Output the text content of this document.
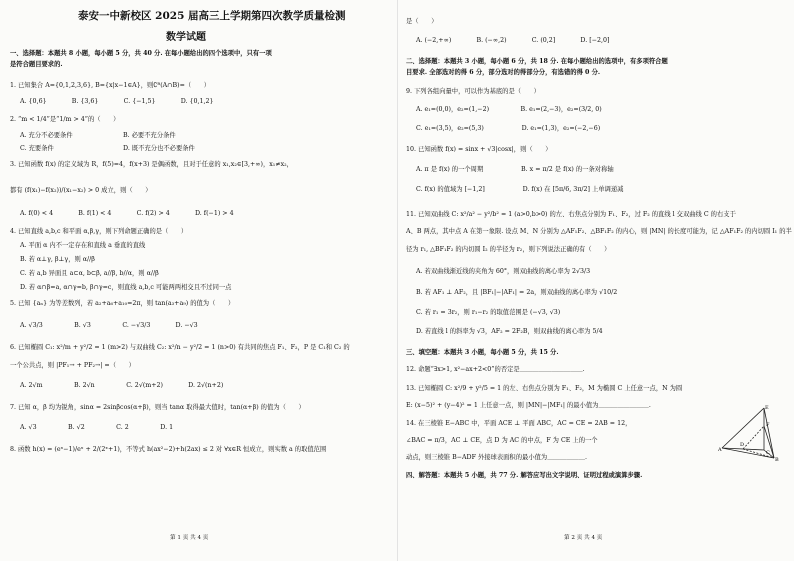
泰安一中新校区 2025 届高三上学期第四次教学质量检测
数学试题
一、选择题：本题共 8 小题，每小题 5 分，共 40 分. 在每小题给出的四个选项中，只有一项
是符合题目要求的.
1. 已知集合 A={0,1,2,3,6}, B={x|x−1∈A}，则∁ᴮ(A∩B)=（　　）
A. {0,6}　　　　B. {3,6}　　　　C. {−1,5}　　　　D. {0,1,2}
2. “m < 1/4”是“1/m > 4”的（　　）
A. 充分不必要条件　　　　　　　　B. 必要不充分条件
C. 充要条件　　　　　　　　　　　D. 既不充分也不必要条件
3. 已知函数 f(x) 的定义域为 R，f(5)=4，f(x+3) 是偶函数，且对于任意的 x₁,x₂∈[3,+∞)，x₁≠x₂，
都有 (f(x₁)−f(x₂))/(x₁−x₂) > 0 成立，则（　　）
A. f(0) < 4　　　　B. f(1) < 4　　　　C. f(2) > 4　　　　D. f(−1) > 4
4. 已知直线 a,b,c 和平面 α,β,γ，则下列命题正确的是（　　）
A. 平面 α 内不一定存在和直线 a 垂直的直线
B. 若 α⊥γ, β⊥γ，则 α//β
C. 若 a,b 异面且 a⊂α, b⊂β, a//β, b//α，则 α//β
D. 若 α∩β=a, α∩γ=b, β∩γ=c，则直线 a,b,c 可能两两相交且不过同一点
5. 已知 {aₙ} 为等差数列，若 a₂+a₆+a₁₀=2π，则 tan(a₃+a₉) 的值为（　　）
A. √3/3　　　　　B. √3　　　　　C. −√3/3　　　　D. −√3
6. 已知椭圆 C₁: x²/m + y²/2 = 1 (m>2) 与双曲线 C₂: x²/n − y²/2 = 1 (n>0) 有共同的焦点 F₁、F₂，P 是 C₁和 C₂ 的
一个公共点，则 |PF₁→ + PF₂→| =（　　）
A. 2√m　　　　　B. 2√n　　　　　C. 2√(m+2)　　　　D. 2√(n+2)
7. 已知 α，β 均为锐角，sinα = 2sinβcos(α+β)，则当 tanα 取得最大值时，tan(α+β) 的值为（　　）
A. √3　　　　　B. √2　　　　　C. 2　　　　　D. 1
8. 函数 h(x) = (eˣ−1)/eˣ + 2/(2ˣ+1)，不等式 h(ax²−2)+h(2ax) ≤ 2 对 ∀x∈R 恒成立，则实数 a 的取值范围
第 1 页 共 4 页
是（　　）
A. (−2,+∞)　　　　B. (−∞,2)　　　　C. (0,2]　　　　D. [−2,0]
二、选择题：本题共 3 小题，每小题 6 分，共 18 分. 在每小题给出的选项中，有多项符合题
目要求. 全部选对的得 6 分，部分选对的得部分分，有选错的得 0 分.
9. 下列各组向量中，可以作为基底的是（　　）
A. e₁=(0,0)，e₂=(1,−2)　　　　　B. e₁=(2,−3)，e₂=(3/2, 0)
C. e₁=(3,5)，e₂=(5,3)　　　　　　D. e₁=(1,3)，e₂=(−2,−6)
10. 已知函数 f(x) = sinx + √3|cosx|，则（　　）
A. π 是 f(x) 的一个周期　　　　　　B. x = π/2 是 f(x) 的一条对称轴
C. f(x) 的值域为 [−1,2]　　　　　　D. f(x) 在 [5π/6, 3π/2] 上单调递减
11. 已知双曲线 C: x²/a² − y²/b² = 1 (a>0,b>0) 的左、右焦点分别为 F₁、F₂，过 F₂ 的直线 l 交双曲线 C 的右支于
A、B 两点，其中点 A 在第一象限. 设点 M、N 分别为 △AF₁F₂、△BF₁F₂ 的内心，则 |MN| 的长度可能为，记 △AF₁F₂ 的内切圆 I₁ 的半
径为 r₁, △BF₁F₂ 的内切圆 I₂ 的半径为 r₂，则下列说法正确的有（　　）
A. 若双曲线渐近线的夹角为 60°，则双曲线的离心率为 2√3/3
B. 若 AF₁ ⊥ AF₂，且 |BF₁|−|AF₁| = 2a，则双曲线的离心率为 √10/2
C. 若 r₁ = 3r₂，则 r₁−r₂ 的取值范围是 (−√3, √3)
D. 若直线 l 的斜率为 √3，AF₂ = 2F₂B，则双曲线的离心率为 5/4
三、填空题：本题共 3 小题，每小题 5 分，共 15 分.
12. 命题“∃x>1, x²−ax+2<0”的否定是＿＿＿＿＿＿＿＿＿＿.
13. 已知椭圆 C: x²/9 + y²/5 = 1 的左、右焦点分别为 F₁、F₂，M 为椭圆 C 上任意一点，N 为圆
E: (x−5)² + (y−4)² = 1 上任意一点，则 |MN|−|MF₁| 的最小值为＿＿＿＿＿＿＿＿.
14. 在三棱锥 E−ABC 中，平面 ACE ⊥ 平面 ABC，AC = CE = 2AB = 12，
∠BAC = π/3，AC ⊥ CE，点 D 为 AC 的中点，F 为 CE 上的一个
动点，则三棱锥 B−ADF 外接球表面积的最小值为＿＿＿＿＿＿.
四、解答题：本题共 5 小题，共 77 分. 解答应写出文字说明、证明过程或演算步骤.
E
F
A
D
C
B
第 2 页 共 4 页
